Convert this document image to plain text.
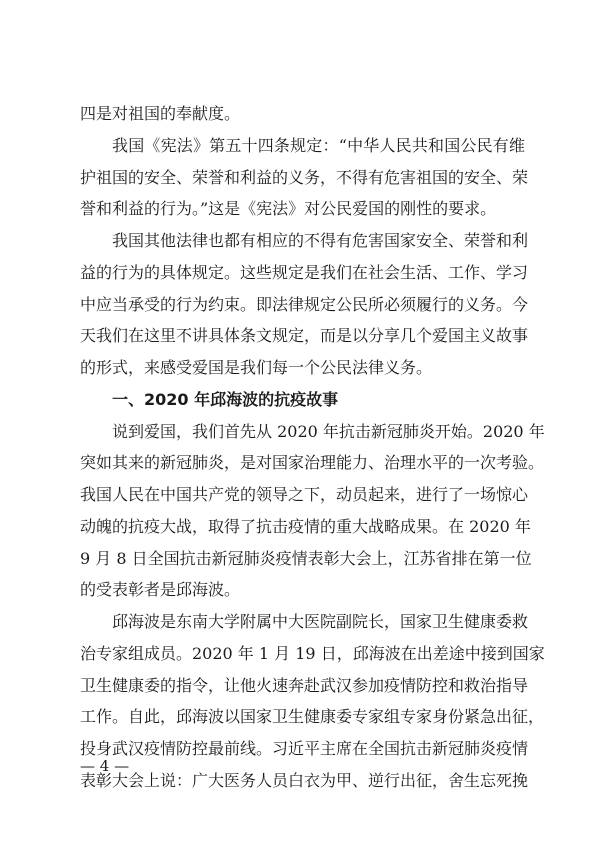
四是对祖国的奉献度。
我国《宪法》第五十四条规定：“中华人民共和国公民有维
护祖国的安全、荣誉和利益的义务，不得有危害祖国的安全、荣
誉和利益的行为。”这是《宪法》对公民爱国的刚性的要求。
我国其他法律也都有相应的不得有危害国家安全、荣誉和利
益的行为的具体规定。这些规定是我们在社会生活、工作、学习
中应当承受的行为约束。即法律规定公民所必须履行的义务。今
天我们在这里不讲具体条文规定，而是以分享几个爱国主义故事
的形式，来感受爱国是我们每一个公民法律义务。
一、2020 年邱海波的抗疫故事
说到爱国，我们首先从 2020 年抗击新冠肺炎开始。2020 年
突如其来的新冠肺炎，是对国家治理能力、治理水平的一次考验。
我国人民在中国共产党的领导之下，动员起来，进行了一场惊心
动魄的抗疫大战，取得了抗击疫情的重大战略成果。在 2020 年
9 月 8 日全国抗击新冠肺炎疫情表彰大会上，江苏省排在第一位
的受表彰者是邱海波。
邱海波是东南大学附属中大医院副院长，国家卫生健康委救
治专家组成员。2020 年 1 月 19 日，邱海波在出差途中接到国家
卫生健康委的指令，让他火速奔赴武汉参加疫情防控和救治指导
工作。自此，邱海波以国家卫生健康委专家组专家身份紧急出征，
投身武汉疫情防控最前线。习近平主席在全国抗击新冠肺炎疫情
表彰大会上说：广大医务人员白衣为甲、逆行出征，舍生忘死挽
— 4 —
